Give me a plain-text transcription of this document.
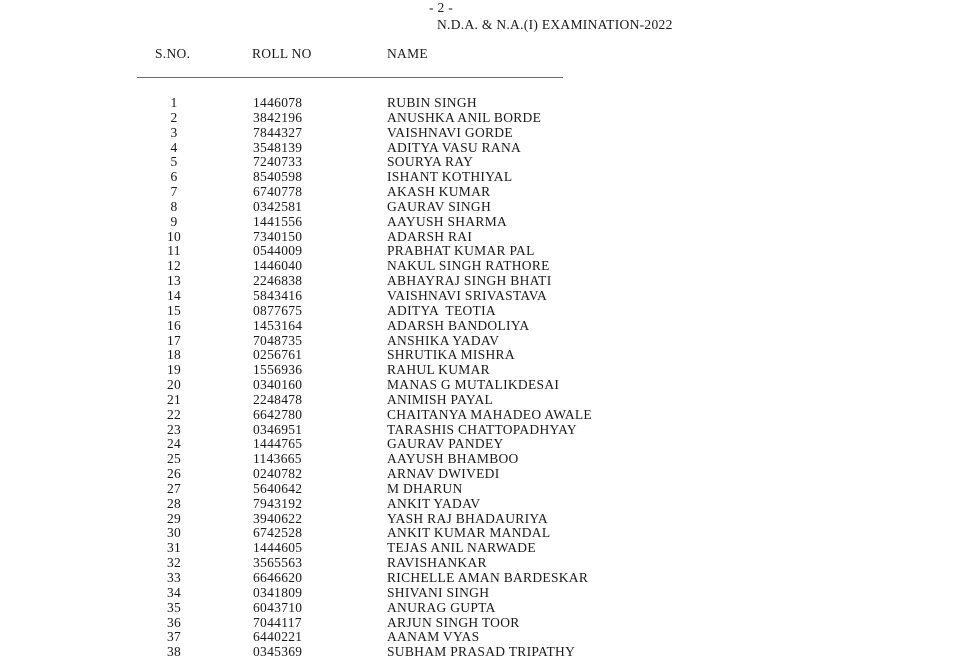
- 2 -
N.D.A. & N.A.(I) EXAMINATION-2022
S.NO.	ROLL NO	NAME
1	1446078	RUBIN SINGH
2	3842196	ANUSHKA ANIL BORDE
3	7844327	VAISHNAVI GORDE
4	3548139	ADITYA VASU RANA
5	7240733	SOURYA RAY
6	8540598	ISHANT KOTHIYAL
7	6740778	AKASH KUMAR
8	0342581	GAURAV SINGH
9	1441556	AAYUSH SHARMA
10	7340150	ADARSH RAI
11	0544009	PRABHAT KUMAR PAL
12	1446040	NAKUL SINGH RATHORE
13	2246838	ABHAYRAJ SINGH BHATI
14	5843416	VAISHNAVI SRIVASTAVA
15	0877675	ADITYA  TEOTIA
16	1453164	ADARSH BANDOLIYA
17	7048735	ANSHIKA YADAV
18	0256761	SHRUTIKA MISHRA
19	1556936	RAHUL KUMAR
20	0340160	MANAS G MUTALIKDESAI
21	2248478	ANIMISH PAYAL
22	6642780	CHAITANYA MAHADEO AWALE
23	0346951	TARASHIS CHATTOPADHYAY
24	1444765	GAURAV PANDEY
25	1143665	AAYUSH BHAMBOO
26	0240782	ARNAV DWIVEDI
27	5640642	M DHARUN
28	7943192	ANKIT YADAV
29	3940622	YASH RAJ BHADAURIYA
30	6742528	ANKIT KUMAR MANDAL
31	1444605	TEJAS ANIL NARWADE
32	3565563	RAVISHANKAR
33	6646620	RICHELLE AMAN BARDESKAR
34	0341809	SHIVANI SINGH
35	6043710	ANURAG GUPTA
36	7044117	ARJUN SINGH TOOR
37	6440221	AANAM VYAS
38	0345369	SUBHAM PRASAD TRIPATHY
